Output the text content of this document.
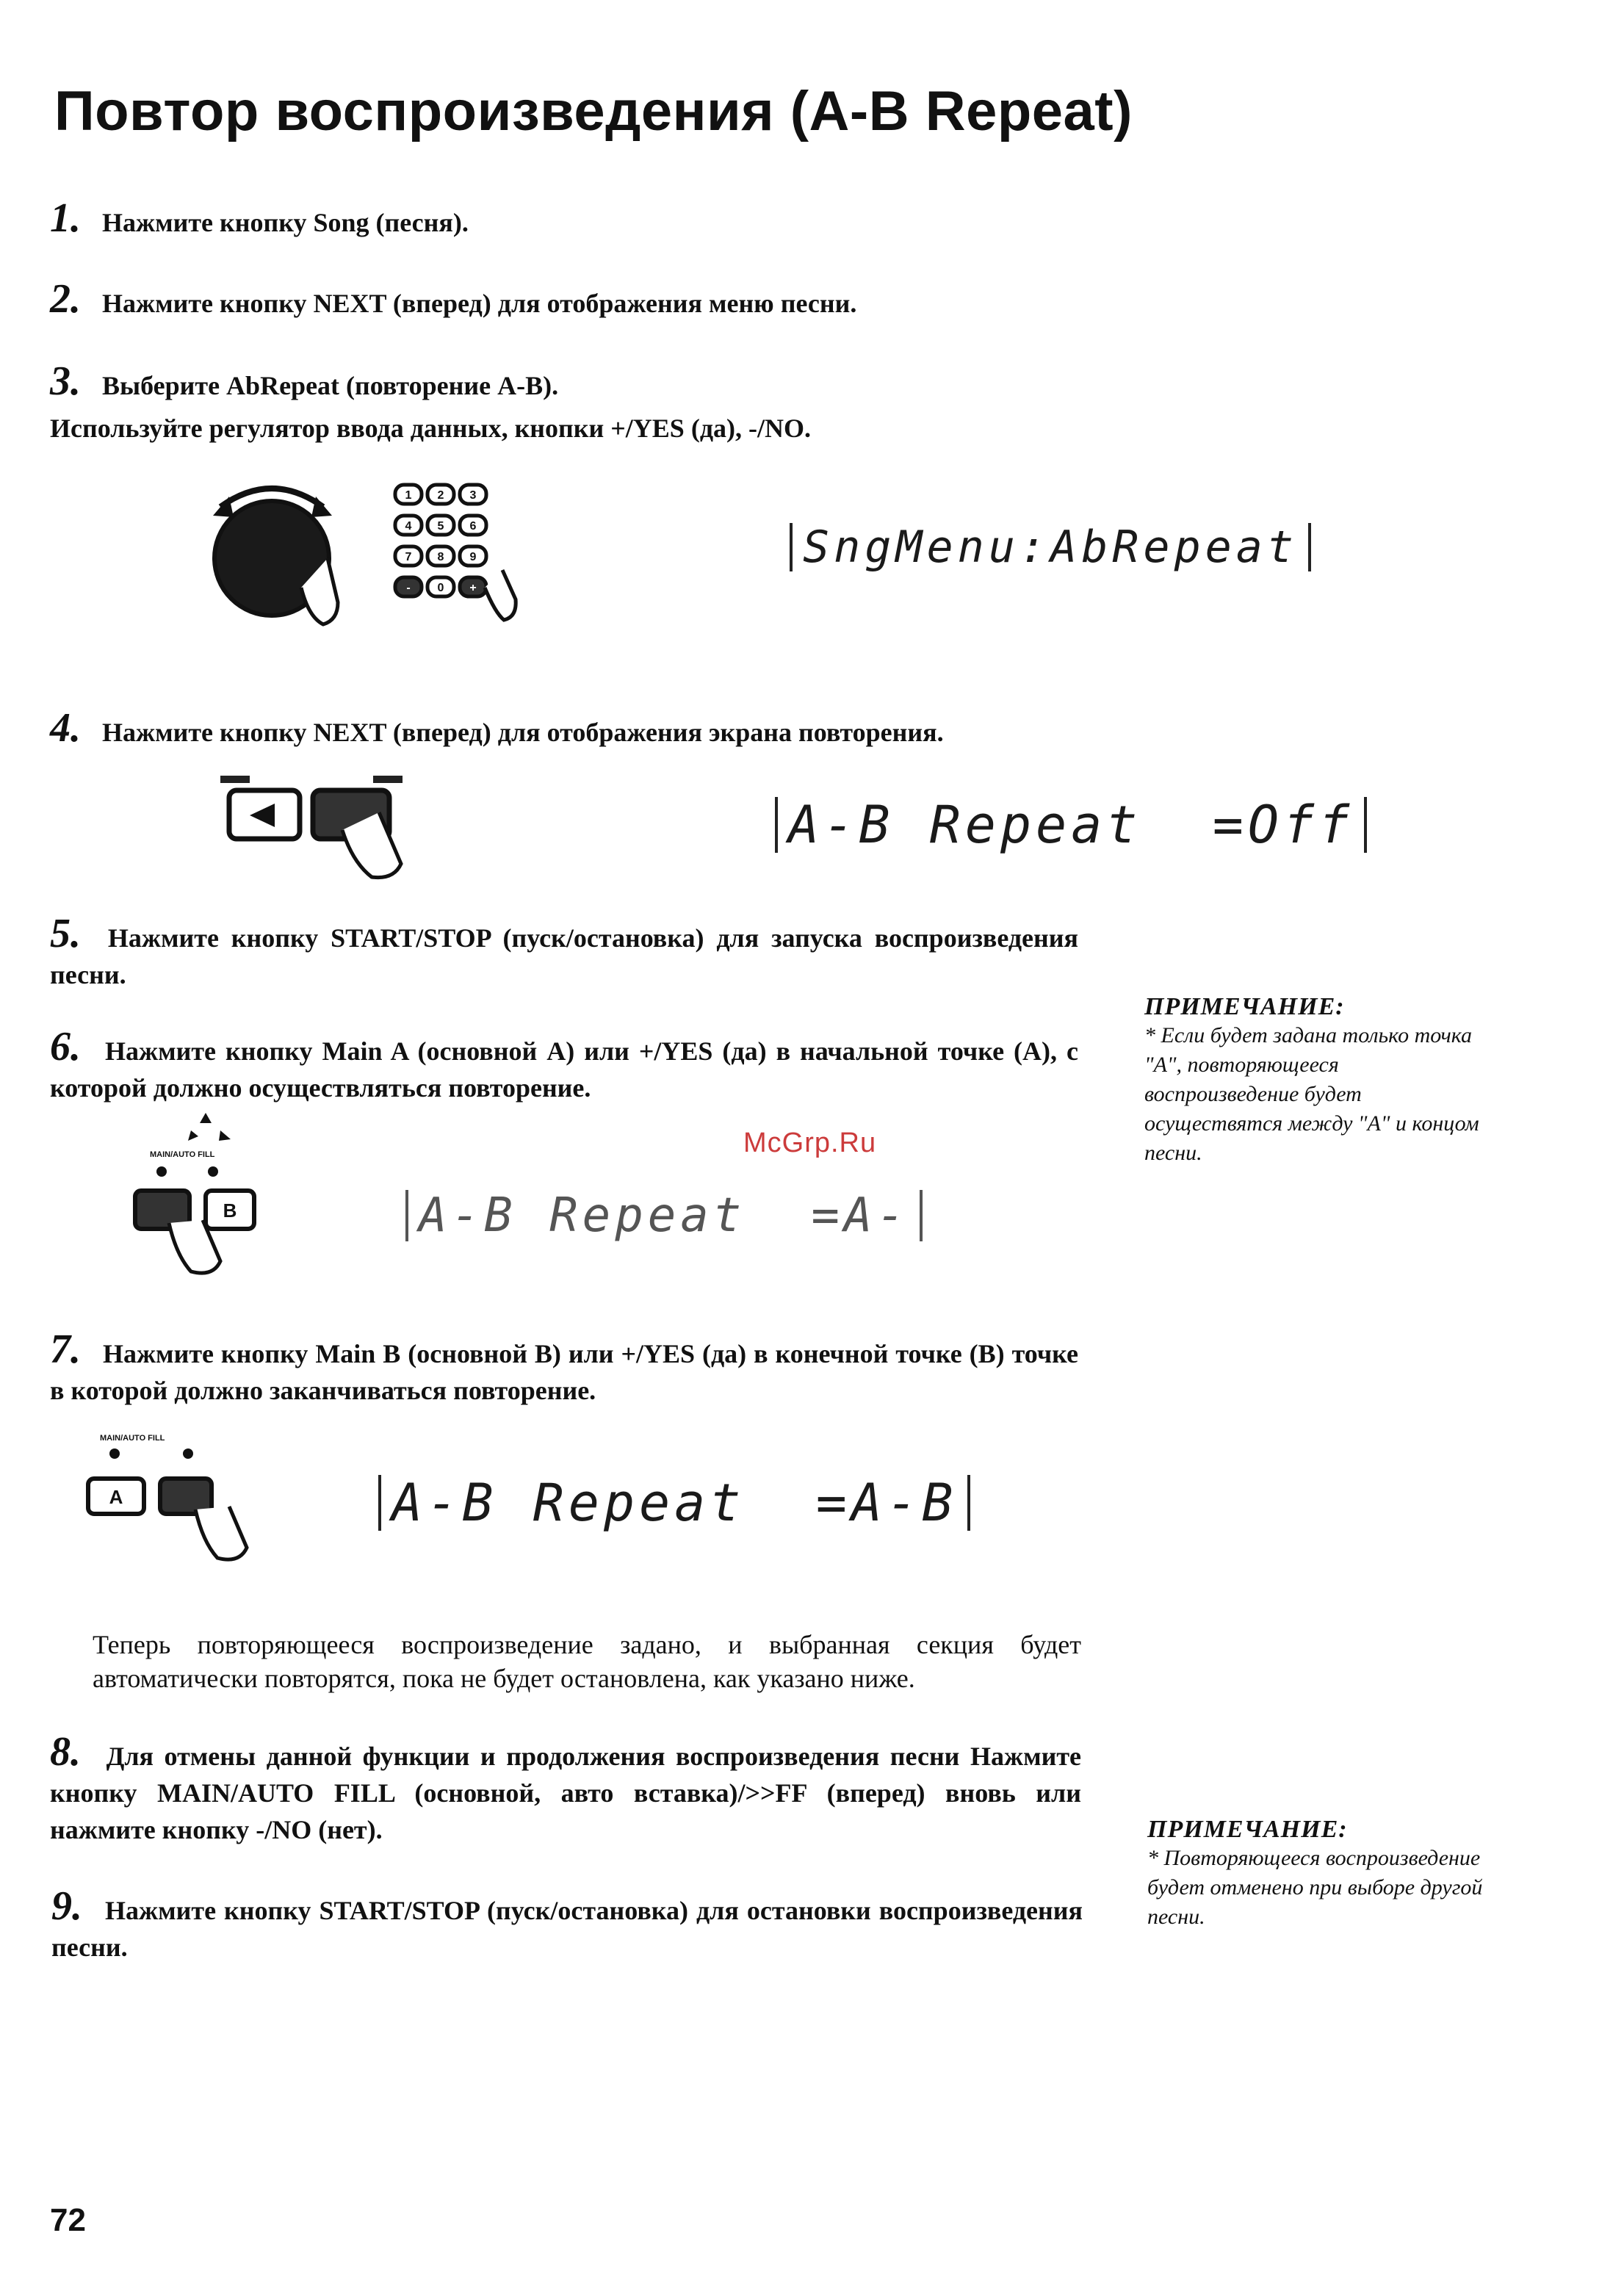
Повтор воспроизведения (A-B Repeat)
1. Нажмите кнопку Song (песня).
2. Нажмите кнопку NEXT (вперед) для отображения меню песни.
3. Выберите AbRepeat (повторение A-B).
Используйте регулятор ввода данных, кнопки +/YES (да), -/NO.
1 2 3
4 5 6
7 8 9
- 0 +
SngMenu:AbRepeat
4. Нажмите кнопку NEXT (вперед) для отображения экрана повторения.
A-B Repeat  =Off
5. Нажмите кнопку START/STOP (пуск/остановка) для запуска воспроизведения песни.
ПРИМЕЧАНИЕ:
* Если будет задана только точка "A", повторяющееся воспроизведение будет осуществятся между "A" и концом песни.
6. Нажмите кнопку Main A (основной A) или +/YES (да) в начальной точке (A), с которой должно осуществляться повторение.
McGrp.Ru
MAIN/AUTO FILL
B	A-B Repeat  =A-
7. Нажмите кнопку Main B (основной B) или +/YES (да) в конечной точке (B) точке в которой должно заканчиваться повторение.
MAIN/AUTO FILL
A	A-B Repeat  =A-B
Теперь повторяющееся воспроизведение задано, и выбранная секция будет автоматически повторятся, пока не будет остановлена, как указано ниже.
8. Для отмены данной функции и продолжения воспроизведения песни Нажмите кнопку MAIN/AUTO FILL (основной, авто вставка)/>>FF (вперед) вновь или нажмите кнопку -/NO (нет).	ПРИМЕЧАНИЕ:
* Повторяющееся воспроизведение будет отменено при выборе другой песни.
9. Нажмите кнопку START/STOP (пуск/остановка) для остановки воспроизведения песни.
72
